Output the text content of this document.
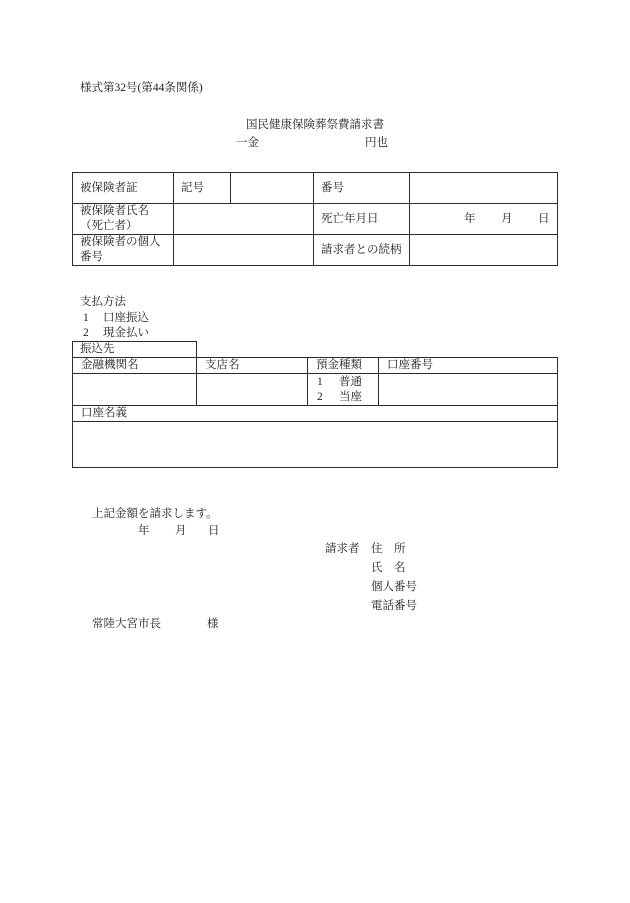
様式第32号(第44条関係)
国民健康保険葬祭費請求書
一金	円也
被保険者証	記号		番号	

被保険者氏名
（死亡者）			死亡年月日	年 月 日

被保険者の個人
番号			請求者との続柄	
支払方法
1	口座振込
2	現金払い
振込先
金融機関名	支店名	預金種類	口座番号

		1 普通
2 当座	

口座名義			

上記金額を請求します。
年 月 日
請求者 住　所
氏　名
個人番号
電話番号
常陸大宮市長	様
